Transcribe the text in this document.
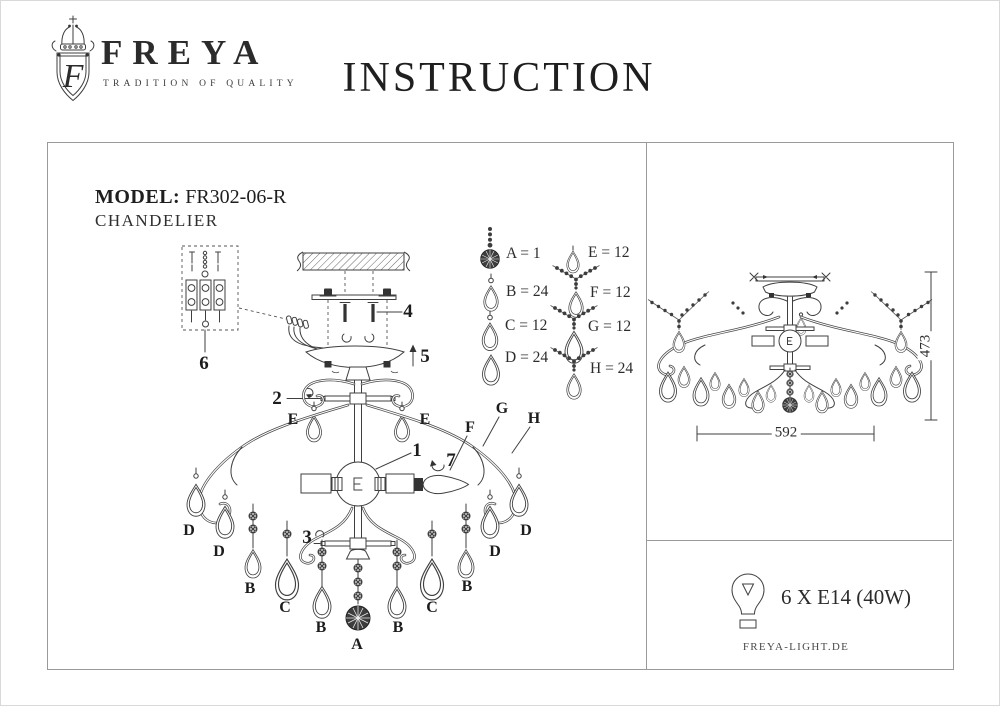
F
FREYA
TRADITION OF QUALITY INSTRUCTION
MODEL: FR302-06-R
CHANDELIER
473
592
6 X E14 (40W)
FREYA-LIGHT.DE
6
4
5
2
1 7
3
E	E F
G
H
D
D	D
D
B
B	B
B
C	C
A
A = 1
B = 24
C = 12
D = 24
E = 12
F = 12
G = 12
H = 24
